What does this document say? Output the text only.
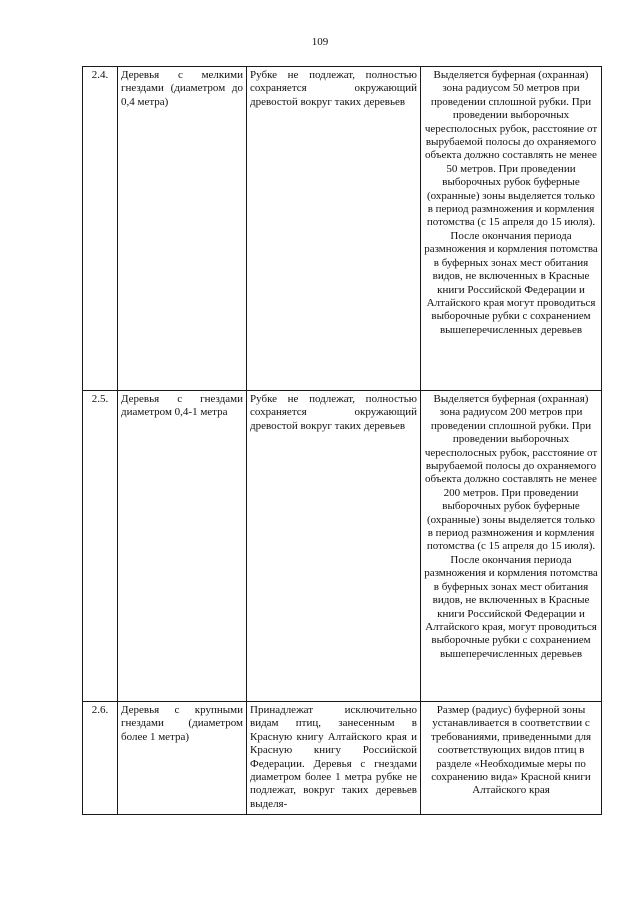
109
2.4.	Деревья с мелкими гнездами (диаметром до 0,4 метра)	Рубке не подлежат, полностью сохраняется окружающий древостой вокруг таких деревьев	Выделяется буферная (охранная) зона радиусом 50 метров при проведении сплошной рубки. При проведении выборочных чересполосных рубок, расстояние от вырубаемой полосы до охраняемого объекта должно составлять не менее 50 метров. При проведении выборочных рубок буферные (охранные) зоны выделяется только в период размножения и кормления потомства (с 15 апреля до 15 июля). После окончания периода размножения и кормления потомства в буферных зонах мест обитания видов, не включенных в Красные книги Российской Федерации и Алтайского края могут проводиться выборочные рубки с сохранением вышеперечисленных деревьев
2.5.	Деревья с гнездами диаметром 0,4-1 метра	Рубке не подлежат, полностью сохраняется окружающий древостой вокруг таких деревьев	Выделяется буферная (охранная) зона радиусом 200 метров при проведении сплошной рубки. При проведении выборочных чересполосных рубок, расстояние от вырубаемой полосы до охраняемого объекта должно составлять не менее 200 метров. При проведении выборочных рубок буферные (охранные) зоны выделяется только в период размножения и кормления потомства (с 15 апреля до 15 июля). После окончания периода размножения и кормления потомства в буферных зонах мест обитания видов, не включенных в Красные книги Российской Федерации и Алтайского края, могут проводиться выборочные рубки с сохранением вышеперечисленных деревьев
2.6.	Деревья с крупными гнездами (диаметром более 1 метра)	Принадлежат исключительно видам птиц, занесенным в Красную книгу Алтайского края и Красную книгу Российской Федерации. Деревья с гнездами диаметром более 1 метра рубке не подлежат, вокруг таких деревьев выделя-	Размер (радиус) буферной зоны устанавливается в соответствии с требованиями, приведенными для соответствующих видов птиц в разделе «Необходимые меры по сохранению вида» Красной книги Алтайского края
